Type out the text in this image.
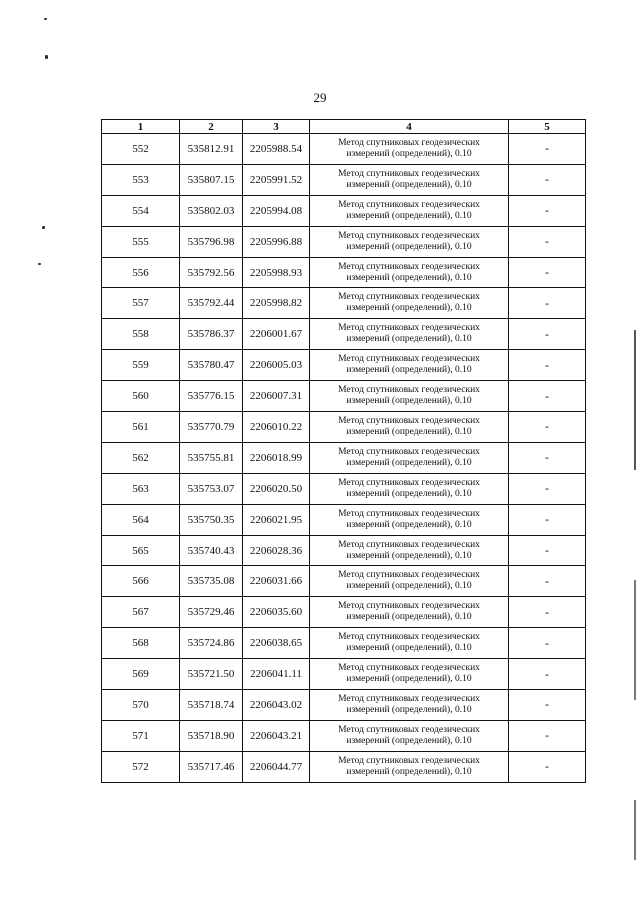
29
1	2	3	4	5
552	535812.91	2205988.54	Метод спутниковых геодезических
измерений (определений), 0.10	-
553	535807.15	2205991.52	Метод спутниковых геодезических
измерений (определений), 0.10	-
554	535802.03	2205994.08	Метод спутниковых геодезических
измерений (определений), 0.10	-
555	535796.98	2205996.88	Метод спутниковых геодезических
измерений (определений), 0.10	-
556	535792.56	2205998.93	Метод спутниковых геодезических
измерений (определений), 0.10	-
557	535792.44	2205998.82	Метод спутниковых геодезических
измерений (определений), 0.10	-
558	535786.37	2206001.67	Метод спутниковых геодезических
измерений (определений), 0.10	-
559	535780.47	2206005.03	Метод спутниковых геодезических
измерений (определений), 0.10	-
560	535776.15	2206007.31	Метод спутниковых геодезических
измерений (определений), 0.10	-
561	535770.79	2206010.22	Метод спутниковых геодезических
измерений (определений), 0.10	-
562	535755.81	2206018.99	Метод спутниковых геодезических
измерений (определений), 0.10	-
563	535753.07	2206020.50	Метод спутниковых геодезических
измерений (определений), 0.10	-
564	535750.35	2206021.95	Метод спутниковых геодезических
измерений (определений), 0.10	-
565	535740.43	2206028.36	Метод спутниковых геодезических
измерений (определений), 0.10	-
566	535735.08	2206031.66	Метод спутниковых геодезических
измерений (определений), 0.10	-
567	535729.46	2206035.60	Метод спутниковых геодезических
измерений (определений), 0.10	-
568	535724.86	2206038.65	Метод спутниковых геодезических
измерений (определений), 0.10	-
569	535721.50	2206041.11	Метод спутниковых геодезических
измерений (определений), 0.10	-
570	535718.74	2206043.02	Метод спутниковых геодезических
измерений (определений), 0.10	-
571	535718.90	2206043.21	Метод спутниковых геодезических
измерений (определений), 0.10	-
572	535717.46	2206044.77	Метод спутниковых геодезических
измерений (определений), 0.10	-
